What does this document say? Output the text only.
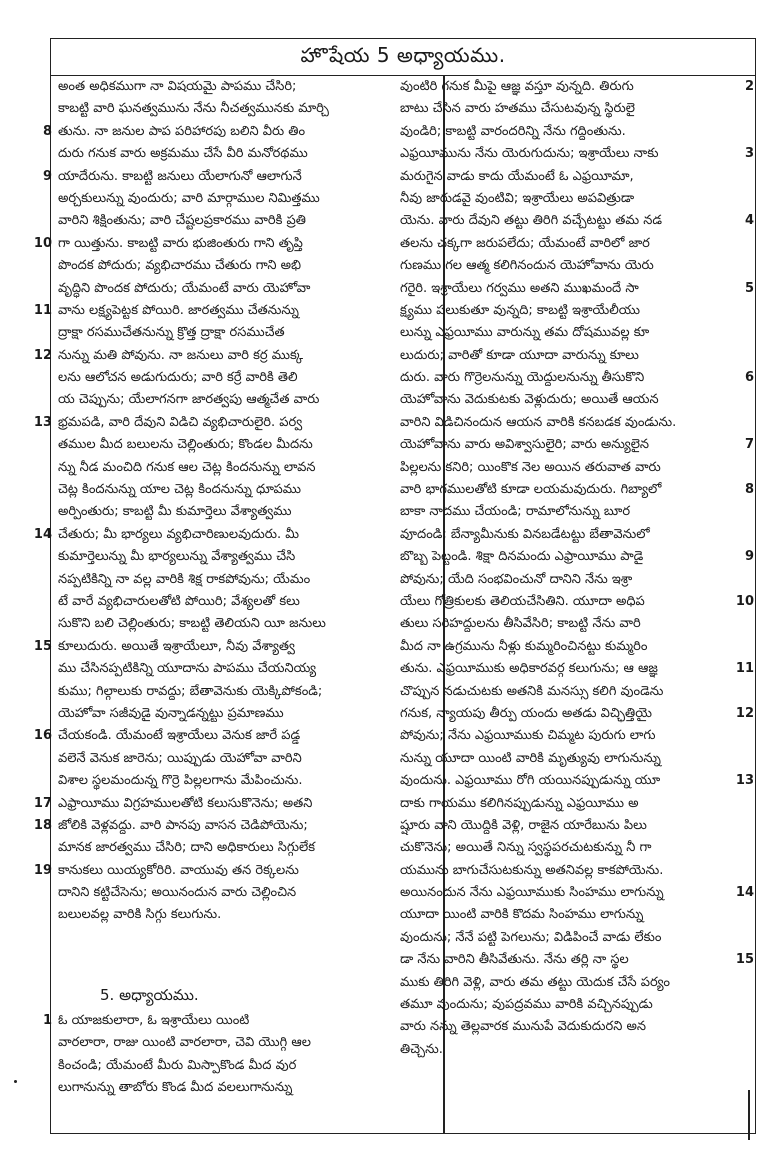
హొషేయ 5 అధ్యాయము.
అంత అధికముగా నా విషయమై పాపము చేసిరి;
కాబట్టి వారి ఘనత్వమును నేను నీచత్వమునకు మార్చి
8 తును. నా జనుల పాప పరిహారపు బలిని వీరు తిం
దురు గనుక వారు అక్రమము చేసే వీరి మనోరథము
9 యాదేరును. కాబట్టి జనులు యేలాగునో ఆలాగునే
అర్చకులున్ను వుందురు; వారి మార్గాముల నిమిత్తము
వారిని శిక్షింతును; వారి చేష్టలప్రకారము వారికి ప్రతి
10 గా యిత్తును. కాబట్టి వారు భుజింతురు గాని తృప్తి
పొందక పోదురు; వ్యభిచారము చేతురు గాని అభి
వృద్ధిని పొందక పోదురు; యేమంటే వారు యెహోవా
11 వాను లక్ష్యపెట్టక పోయిరి. జారత్వము చేతనున్ను
ద్రాక్షా రసముచేతనున్ను క్రొత్త ద్రాక్షా రసముచేత
12 నున్ను మతి పోవును. నా జనులు వారి కర్ర ముక్క
లను ఆలోచన అడుగుదురు; వారి కర్రే వారికి తెలి
య చెప్పును; యేలాగనగా జారత్వపు ఆత్మచేత వారు
13 భ్రమపడి, వారి దేవుని విడిచి వ్యభిచారులైరి. పర్వ
తముల మీద బలులను చెల్లింతురు; కొండల మీదను
న్ను నీడ మంచిది గనుక ఆల చెట్ల కిందనున్ను లావన
చెట్ల కిందనున్ను యాల చెట్ల కిందనున్ను ధూపము
అర్పింతురు; కాబట్టి మీ కుమార్తెలు వేశ్యాత్వము
14 చేతురు; మీ భార్యలు వ్యభిచారిణులవుదురు. మీ
కుమార్తెలున్ను మీ భార్యలున్ను వేశ్యాత్వము చేసి
నప్పటికిన్ని నా వల్ల వారికి శిక్ష రాకపోవును; యేమం
టే వారే వ్యభిచారులతోటి పోయిరి; వేశ్యలతో కలు
సుకొని బలి చెల్లింతురు; కాబట్టి తెలియని యీ జనులు
15 కూలుదురు. అయితే ఇశ్రాయేలూ, నీవు వేశ్యాత్వ
ము చేసినప్పటికిన్ని యూదాను పాపము చేయనియ్య
కుము; గిల్గాలుకు రావద్దు; బేతావెనుకు యెక్కిపోకండి;
యెహోవా సజీవుడై వున్నాడన్నట్టు ప్రమాణము
16 చేయకండి. యేమంటే ఇశ్రాయేలు వెనుక జారే పడ్డ
వలెనే వెనుక జారెను; యిప్పుడు యెహోవా వారిని
విశాల స్థలమందున్న గొర్రె పిల్లలగాను మేపించును.
17 ఎఫ్రాయీము విగ్రహములతోటి కలుసుకొనెను; అతని
18 జోలికి వెళ్లవద్దు. వారి పానపు వాసన చెడిపోయెను;
మానక జారత్వము చేసిరి; దాని అధికారులు సిగ్గులేక
19 కానుకలు యియ్యకోరిరి. వాయువు తన రెక్కలను
దానిని కట్టిచేసెను; అయినందున వారు చెల్లించిన
బలులవల్ల వారికి సిగ్గు కలుగును.
5. అధ్యాయము.
1 ఓ యాజకులారా, ఓ ఇశ్రాయేలు యింటి
వారలారా, రాజు యింటి వారలారా, చెవి యొగ్గి ఆల
కించండి; యేమంటే మీరు మిస్పాకొండ మీద వుర
లుగానున్ను తాబోరు కొండ మీద వలలుగానున్ను
2
వుంటిరి గనుక మీపై ఆజ్ఞ వస్తూ వున్నది. తిరుగు
బాటు చేసిన వారు హతము చేసుటవున్న స్థిరులై
వుండిరి; కాబట్టి వారందరిన్ని నేను గద్దింతును.
3
ఎఫ్రయీమును నేను యెరుగుదును; ఇశ్రాయేలు నాకు
మరుగైన వాడు కాదు యేమంటే ఓ ఎఫ్రయీమా,
నీవు జారుడవై వుంటివి; ఇశ్రాయేలు అపవిత్రుడా
4
యెను. వారు దేవుని తట్టు తిరిగి వచ్చేటట్టు తమ నడ
తలను చక్కగా జరుపలేదు; యేమంటే వారిలో జార
గుణము గల ఆత్మ కలిగినందున యెహోవాను యెరు
5
గరైరి. ఇశ్రాయేలు గర్వము అతని ముఖమందే సా
క్ష్యము పలుకుతూ వున్నది; కాబట్టి ఇశ్రాయేలీయు
లున్ను ఎఫ్రయీము వారున్ను తమ దోషమువల్ల కూ
లుదురు; వారితో కూడా యూదా వారున్ను కూలు
6
దురు. వారు గొర్రెలనున్ను యెద్దులనున్ను తీసుకొని
యెహోవాను వెదుకుటకు వెళ్లుదురు; అయితే ఆయన
వారిని విడిచినందున ఆయన వారికి కనబడక వుండును.
7
యెహోవాను వారు అవిశ్వాసులైరి; వారు అన్యులైన
పిల్లలను కనిరి; యింకొక నెల అయిన తరువాత వారు
8
వారి భాగములతోటి కూడా లయమవుదురు. గిబ్యాలో
బాకా నాదము చేయండి; రామాలోనున్ను బూర
వూదండి; బేన్యామీనుకు వినబడేటట్టు బేతావెనులో
9
బొబ్బ పెట్టండి. శిక్షా దినమందు ఎఫ్రాయీము పాడై
పోవును; యేది సంభవించునో దానిని నేను ఇశ్రా
10
యేలు గోత్రికులకు తెలియచేసితిని. యూదా అధిప
తులు సరిహద్దులను తీసివేసిరి; కాబట్టి నేను వారి
మీద నా ఉగ్రమును నీళ్లు కుమ్మరించినట్టు కుమ్మరిం
11
తును. ఎఫ్రయీముకు అధికారవర్గ కలుగును; ఆ ఆజ్ఞ
చొప్పున నడుచుటకు అతనికి మనస్సు కలిగి వుండెను
12
గనుక, న్యాయపు తీర్పు యందు అతడు విచ్ఛిత్తియై
పోవును; నేను ఎఫ్రయీముకు చిమ్మట పురుగు లాగు
నున్ను యూదా యింటి వారికి మృత్యువు లాగునున్ను
13
వుందును. ఎఫ్రయీము రోగి యయినప్పుడున్ను యూ
దాకు గాయము కలిగినప్పుడున్ను ఎఫ్రయీము అ
ష్షూరు వాని యొద్దికి వెళ్లి, రాజైన యారేబును పిలు
చుకొనెను; అయితే నిన్ను స్వస్థపరచుటకున్ను నీ గా
యమును బాగుచేసుటకున్ను అతనివల్ల కాకపోయెను.
14
అయినందున నేను ఎఫ్రయీముకు సింహము లాగున్ను
యూదా యింటి వారికి కొదమ సింహము లాగున్ను
వుందును; నేనే పట్టి పెగలును; విడిపించే వాడు లేకుం
15
డా నేను వారిని తీసివేతును. నేను తర్లి నా స్థల
ముకు తిరిగి వెళ్లి, వారు తమ తట్టు యెదుక చేసే పర్యం
తమూ వుందును; వుపద్రవము వారికి వచ్చినప్పుడు
వారు నన్ను తెల్లవారక మునుపే వెదుకుదురని అన
తిచ్చెను.
